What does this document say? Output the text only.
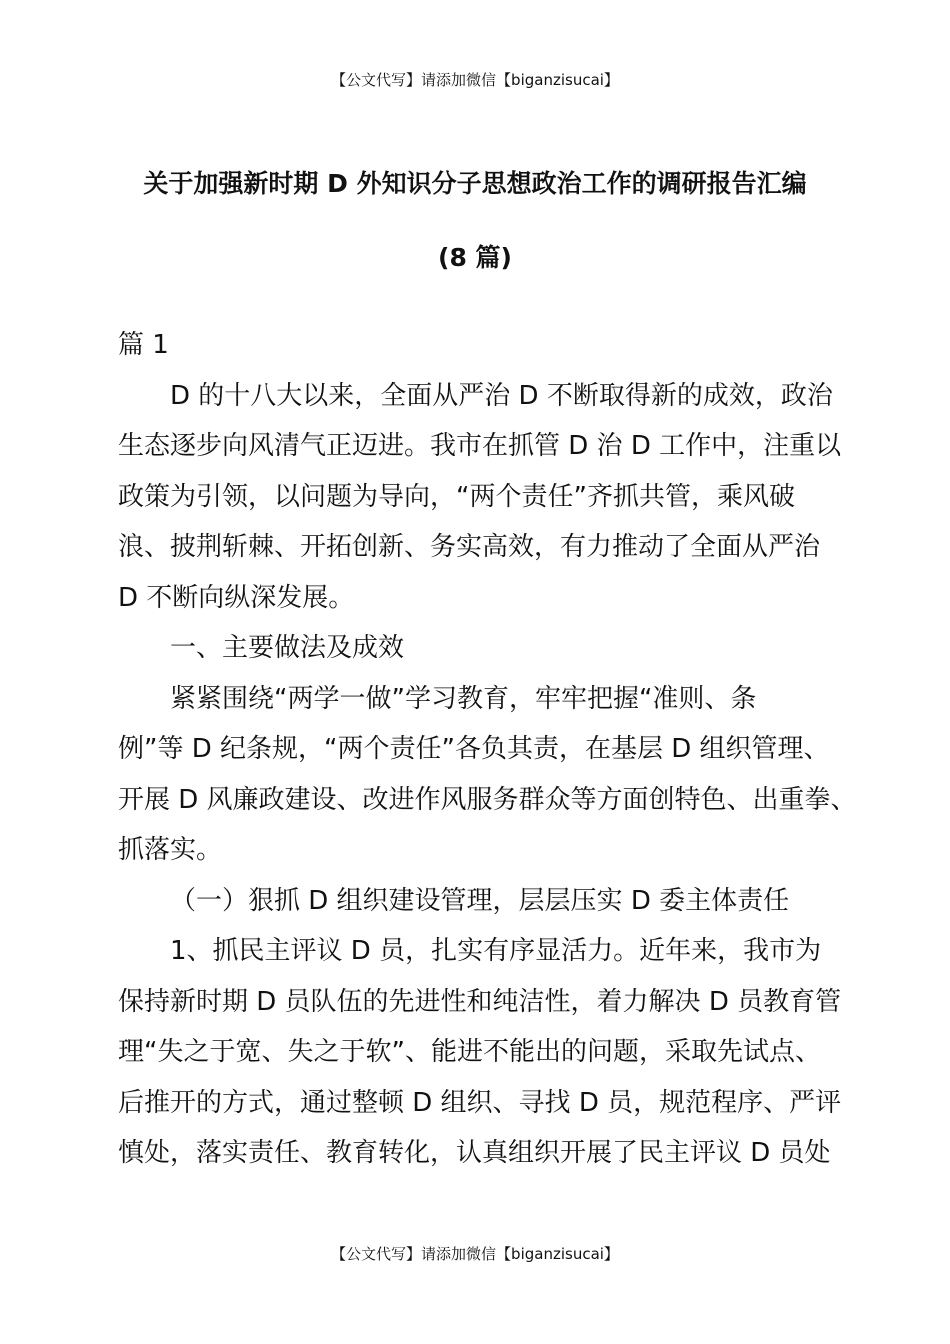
【公文代写】请添加微信【biganzisucai】
关于加强新时期 D 外知识分子思想政治工作的调研报告汇编
(8 篇)
篇 1
D 的十八大以来，全面从严治 D 不断取得新的成效，政治
生态逐步向风清气正迈进。我市在抓管 D 治 D 工作中，注重以
政策为引领，以问题为导向，“两个责任”齐抓共管，乘风破
浪、披荆斩棘、开拓创新、务实高效，有力推动了全面从严治
D 不断向纵深发展。
一、主要做法及成效
紧紧围绕“两学一做”学习教育，牢牢把握“准则、条
例”等 D 纪条规，“两个责任”各负其责，在基层 D 组织管理、
开展 D 风廉政建设、改进作风服务群众等方面创特色、出重拳、
抓落实。
（一）狠抓 D 组织建设管理，层层压实 D 委主体责任
1、抓民主评议 D 员，扎实有序显活力。近年来，我市为
保持新时期 D 员队伍的先进性和纯洁性，着力解决 D 员教育管
理“失之于宽、失之于软”、能进不能出的问题，采取先试点、
后推开的方式，通过整顿 D 组织、寻找 D 员，规范程序、严评
慎处，落实责任、教育转化，认真组织开展了民主评议 D 员处
【公文代写】请添加微信【biganzisucai】
